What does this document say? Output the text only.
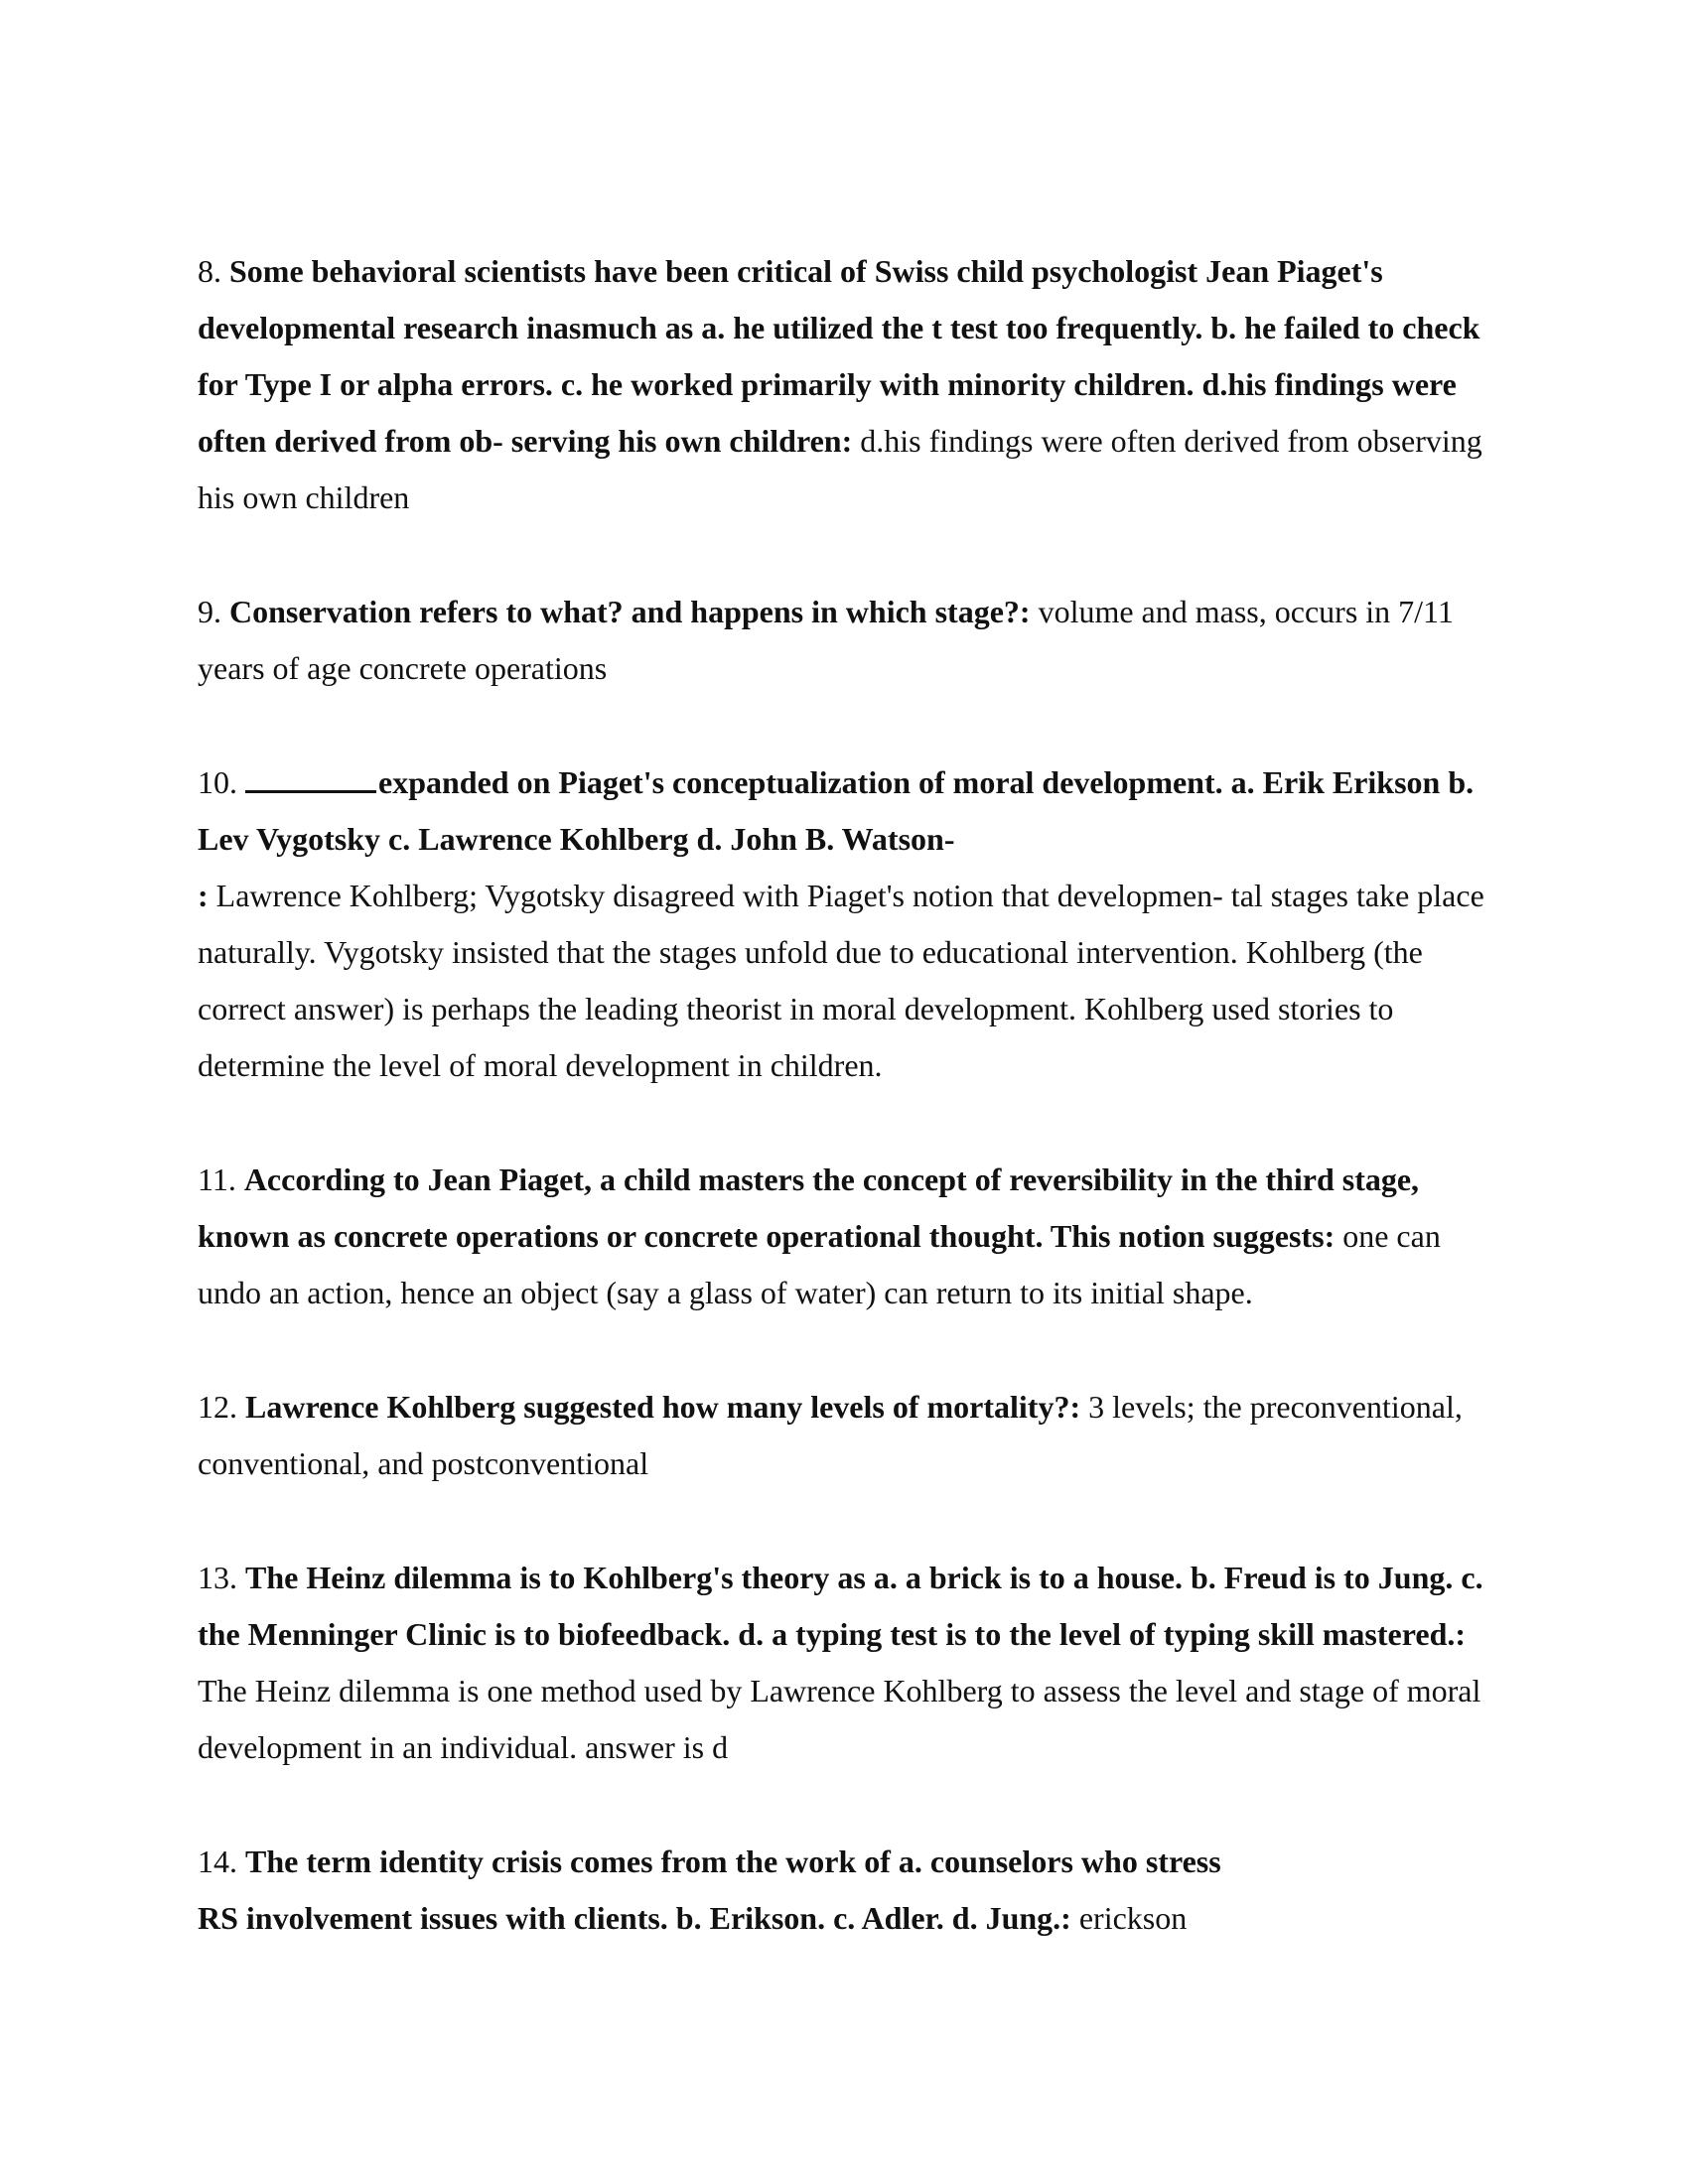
8. Some behavioral scientists have been critical of Swiss child psychologist Jean Piaget's developmental research inasmuch as a. he utilized the t test too frequently. b. he failed to check for Type I or alpha errors. c. he worked primarily with minority children. d.his findings were often derived from ob- serving his own children: d.his findings were often derived from observing his own children

9. Conservation refers to what? and happens in which stage?: volume and mass, occurs in 7/11 years of age concrete operations

10.	expanded on Piaget's conceptualization of moral development. a. Erik Erikson b. Lev Vygotsky c. Lawrence Kohlberg d. John B. Watson-
: Lawrence Kohlberg; Vygotsky disagreed with Piaget's notion that developmen- tal stages take place naturally. Vygotsky insisted that the stages unfold due to educational intervention. Kohlberg (the correct answer) is perhaps the leading theorist in moral development. Kohlberg used stories to determine the level of moral development in children.

11. According to Jean Piaget, a child masters the concept of reversibility in the third stage, known as concrete operations or concrete operational thought. This notion suggests: one can undo an action, hence an object (say a glass of water) can return to its initial shape.

12. Lawrence Kohlberg suggested how many levels of mortality?: 3 levels; the preconventional, conventional, and postconventional

13. The Heinz dilemma is to Kohlberg's theory as a. a brick is to a house. b. Freud is to Jung. c. the Menninger Clinic is to biofeedback. d. a typing test is to the level of typing skill mastered.: The Heinz dilemma is one method used by Lawrence Kohlberg to assess the level and stage of moral development in an individual. answer is d

14. The term identity crisis comes from the work of a. counselors who stress
RS involvement issues with clients. b. Erikson. c. Adler. d. Jung.: erickson
